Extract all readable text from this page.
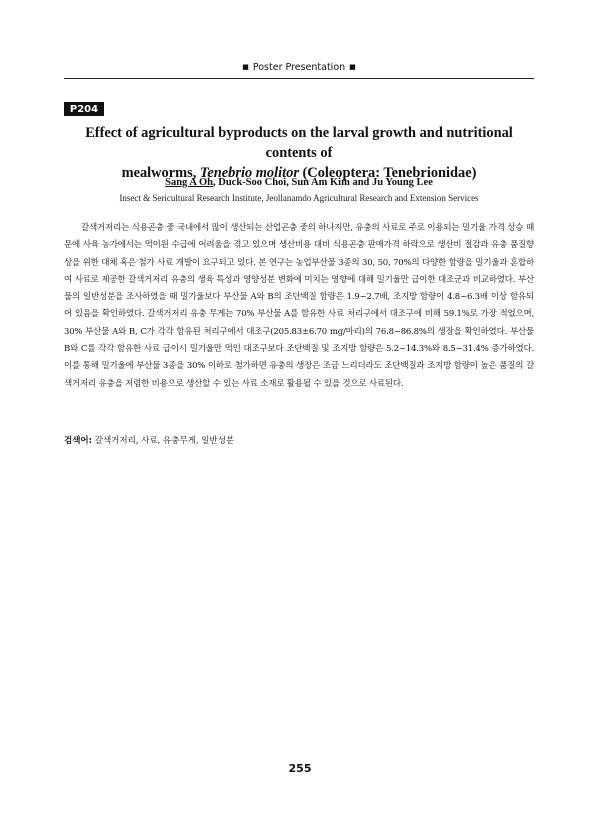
■ Poster Presentation ■
P204
Effect of agricultural byproducts on the larval growth and nutritional contents of
mealworms, Tenebrio molitor (Coleoptera: Tenebrionidae)
Sang A Oh, Duck-Soo Choi, Sun Am Kim and Ju Young Lee
Insect & Sericultural Research Institute, Jeollanamdo Agricultural Research and Extension Services

갈색거저리는 식용곤충 중 국내에서 많이 생산되는 산업곤충 중의 하나지만, 유충의 사료로 주로 이용되는 밀기울 가격 상승 때문에 사육 농가에서는 먹이원 수급에 어려움을 겪고 있으며 생산비용 대비 식용곤충 판매가격 하락으로 생산비 절감과 유충 품질향상을 위한 대체 혹은 첨가 사료 개발이 요구되고 있다. 본 연구는 농업부산물 3종의 30, 50, 70%의 다양한 함량을 밀기울과 혼합하여 사료로 제공한 갈색거저리 유충의 생육 특성과 영양성분 변화에 미치는 영향에 대해 밀기울만 급이한 대조군과 비교하였다. 부산물의 일반성분을 조사하였을 때 밀기울보다 부산물 A와 B의 조단백질 함량은 1.9~2.7배, 조지방 함량이 4.8~6.3배 이상 함유되어 있음을 확인하였다. 갈색거저리 유충 무게는 70% 부산물 A를 함유한 사료 처리구에서 대조구에 비해 59.1%로 가장 적었으며, 30% 부산물 A와 B, C가 각각 함유된 처리구에서 대조구(205.83±6.70 mg/마리)의 76.8~86.8%의 생장을 확인하였다. 부산물 B와 C를 각각 함유한 사료 급이시 밀기울만 먹인 대조구보다 조단백질 및 조지방 함량은 5.2~14.3%와 8.5~31.4% 증가하였다. 이를 통해 밀기울에 부산물 3종을 30% 이하로 첨가하면 유충의 생장은 조금 느리더라도 조단백질과 조지방 함량이 높은 품질의 갈색거저리 유충을 저렴한 비용으로 생산할 수 있는 사료 소재로 활용될 수 있을 것으로 사료된다.

검색어: 갈색거저리, 사료, 유충무게, 일반성분
255
